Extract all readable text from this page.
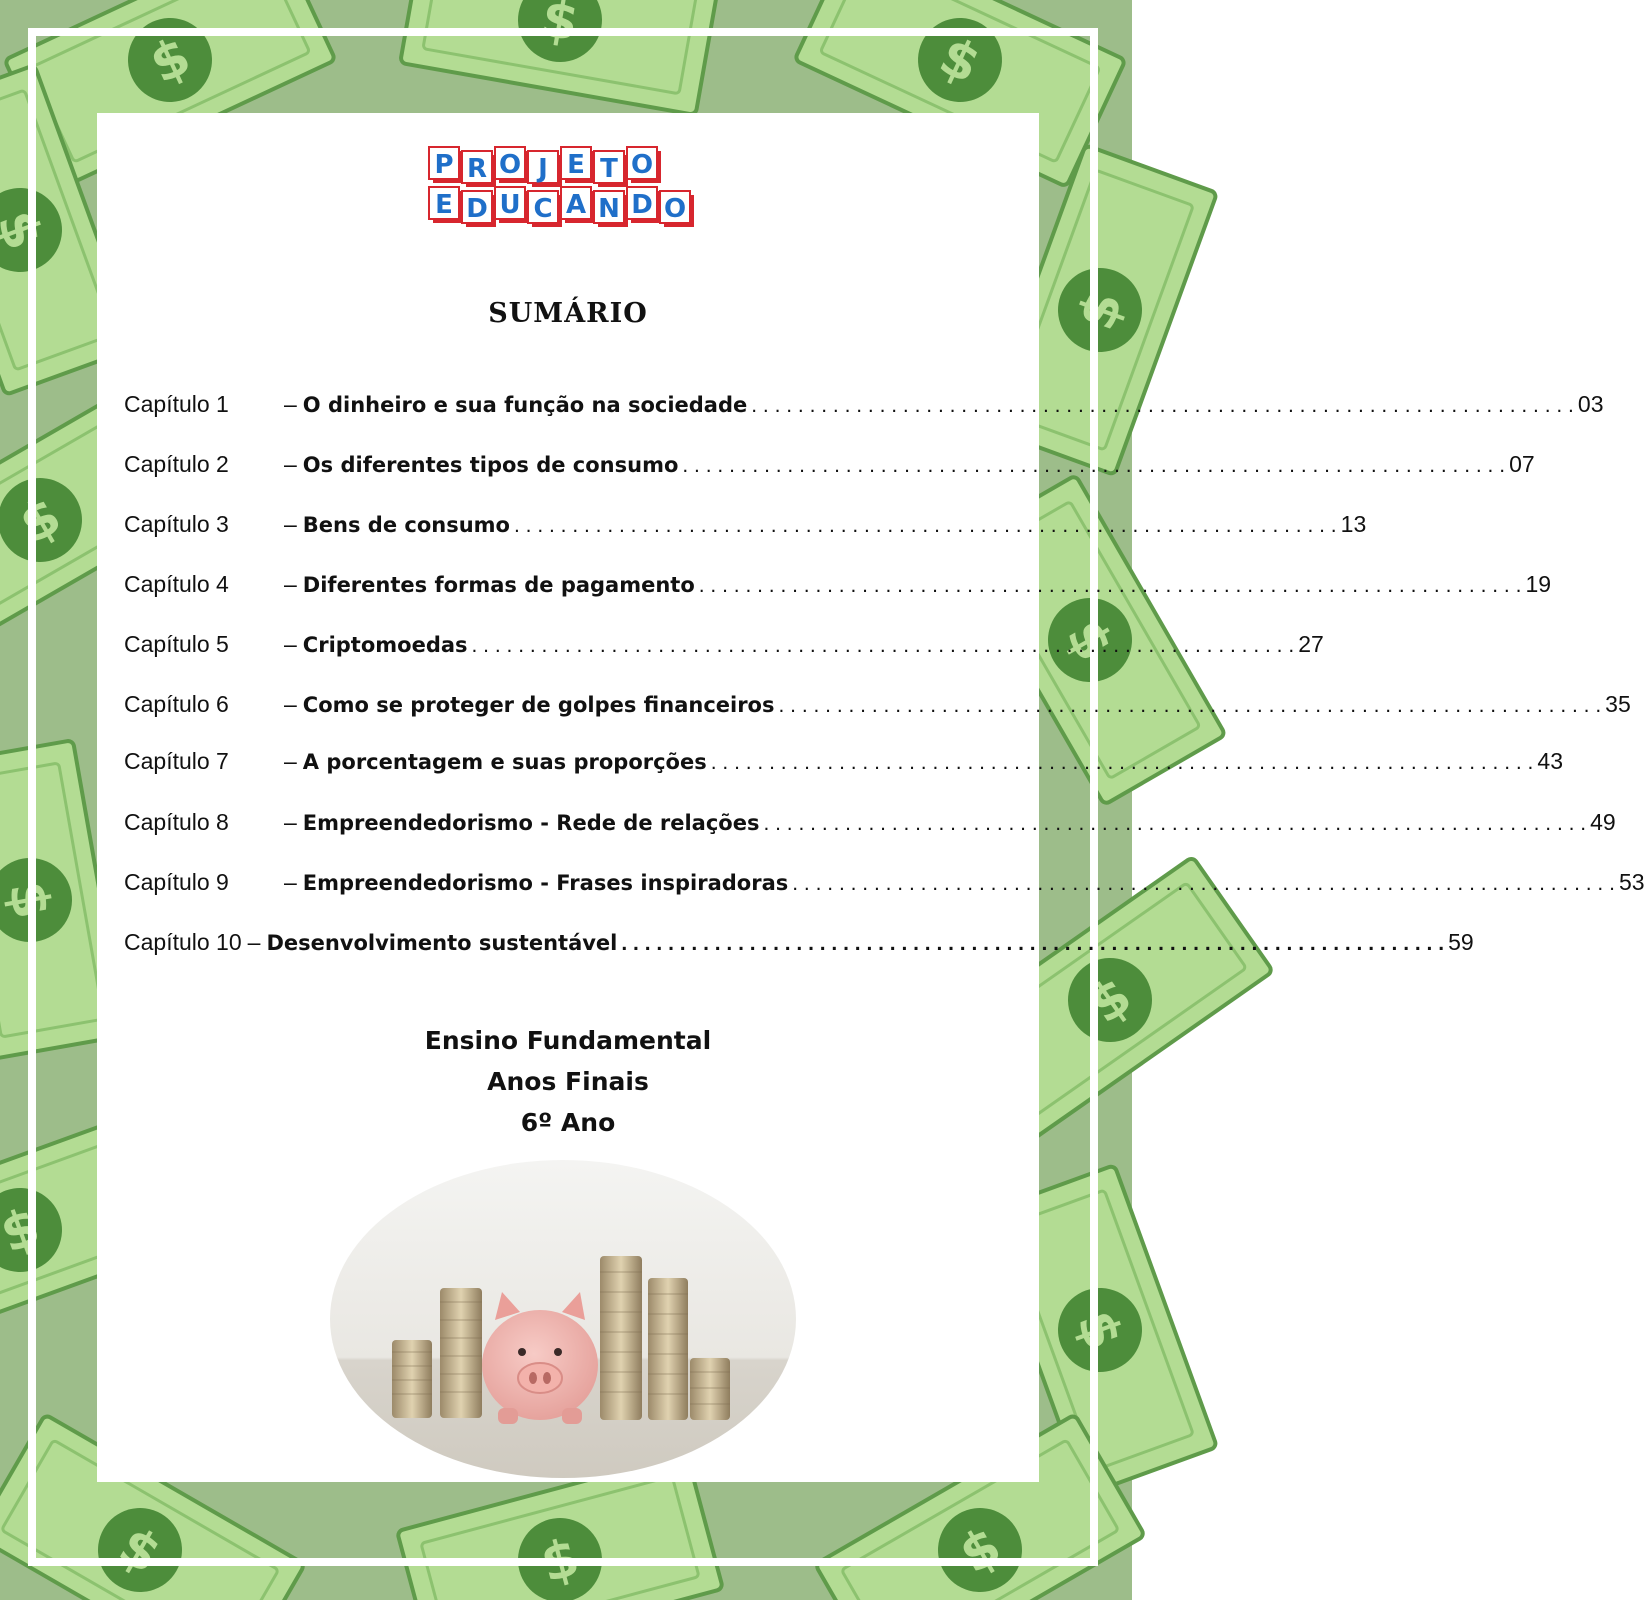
P R O J E T O
E D U C A N D O
SUMÁRIO
Capítulo 1	– O dinheiro e sua função na sociedade . . .	03
Capítulo 2	– Os diferentes tipos de consumo . . .	07
Capítulo 3	– Bens de consumo . . .	13
Capítulo 4	– Diferentes formas de pagamento . . .	19
Capítulo 5	– Criptomoedas . . .	27
Capítulo 6	– Como se proteger de golpes financeiros . . .	35
Capítulo 7	– A porcentagem e suas proporções . . .	43
Capítulo 8	– Empreendedorismo - Rede de relações . . .	49
Capítulo 9	– Empreendedorismo - Frases inspiradoras . . .	53
Capítulo 10 – Desenvolvimento sustentável . . .	59
Ensino Fundamental
Anos Finais
6º Ano
